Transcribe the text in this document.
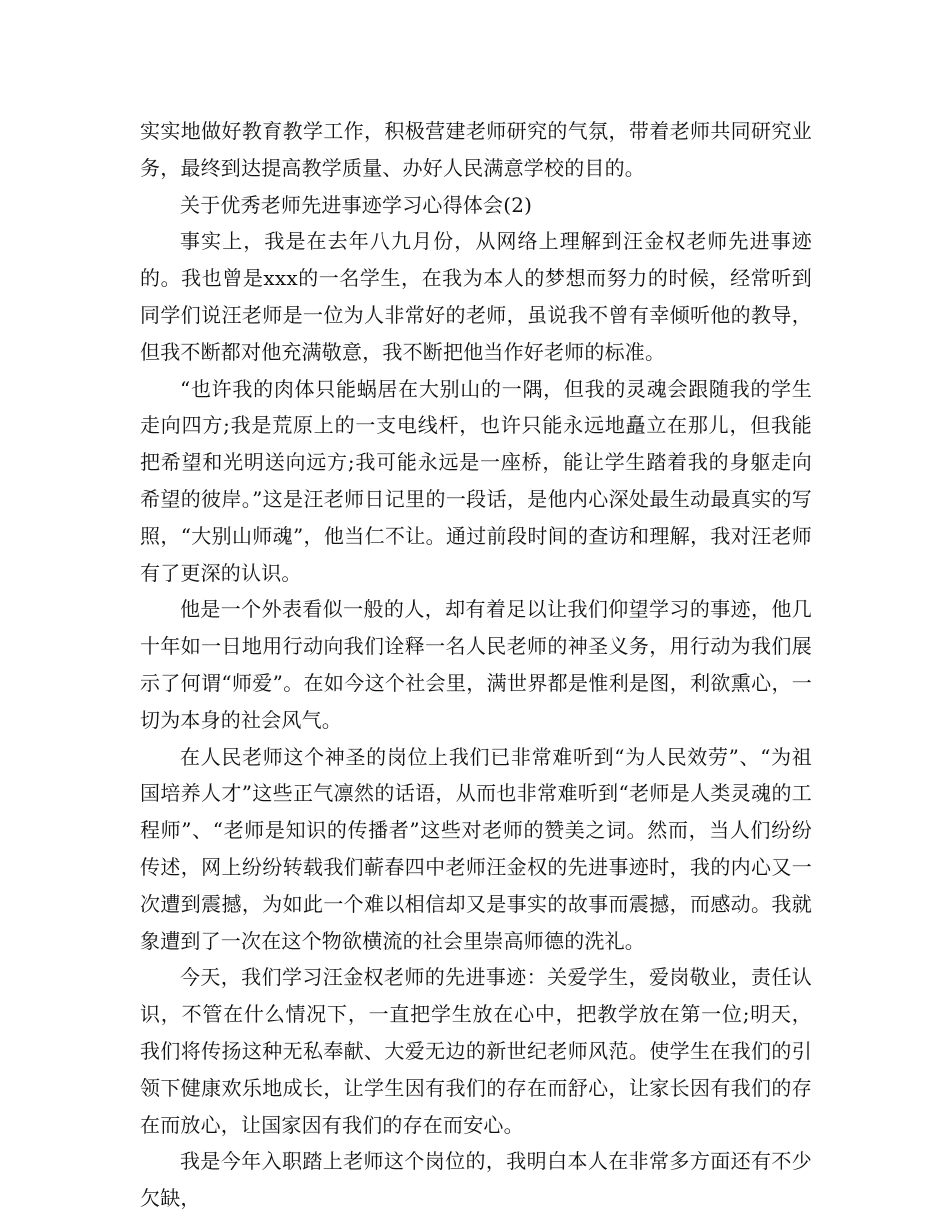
实实地做好教育教学工作，积极营建老师研究的气氛，带着老师共同研究业务，最终到达提高教学质量、办好人民满意学校的目的。

关于优秀老师先进事迹学习心得体会(2)

事实上，我是在去年八九月份，从网络上理解到汪金权老师先进事迹的。我也曾是xxx的一名学生，在我为本人的梦想而努力的时候，经常听到同学们说汪老师是一位为人非常好的老师，虽说我不曾有幸倾听他的教导，但我不断都对他充满敬意，我不断把他当作好老师的标准。

“也许我的肉体只能蜗居在大别山的一隅，但我的灵魂会跟随我的学生走向四方;我是荒原上的一支电线杆，也许只能永远地矗立在那儿，但我能把希望和光明送向远方;我可能永远是一座桥，能让学生踏着我的身躯走向希望的彼岸。”这是汪老师日记里的一段话，是他内心深处最生动最真实的写照，“大别山师魂”，他当仁不让。通过前段时间的查访和理解，我对汪老师有了更深的认识。

他是一个外表看似一般的人，却有着足以让我们仰望学习的事迹，他几十年如一日地用行动向我们诠释一名人民老师的神圣义务，用行动为我们展示了何谓“师爱”。在如今这个社会里，满世界都是惟利是图，利欲熏心，一切为本身的社会风气。

在人民老师这个神圣的岗位上我们已非常难听到“为人民效劳”、“为祖国培养人才”这些正气凛然的话语，从而也非常难听到“老师是人类灵魂的工程师”、“老师是知识的传播者”这些对老师的赞美之词。然而，当人们纷纷传述，网上纷纷转载我们蕲春四中老师汪金权的先进事迹时，我的内心又一次遭到震撼，为如此一个难以相信却又是事实的故事而震撼，而感动。我就象遭到了一次在这个物欲横流的社会里崇高师德的洗礼。

今天，我们学习汪金权老师的先进事迹：关爱学生，爱岗敬业，责任认识，不管在什么情况下，一直把学生放在心中，把教学放在第一位;明天，我们将传扬这种无私奉献、大爱无边的新世纪老师风范。使学生在我们的引领下健康欢乐地成长，让学生因有我们的存在而舒心，让家长因有我们的存在而放心，让国家因有我们的存在而安心。

我是今年入职踏上老师这个岗位的，我明白本人在非常多方面还有不少欠缺，
